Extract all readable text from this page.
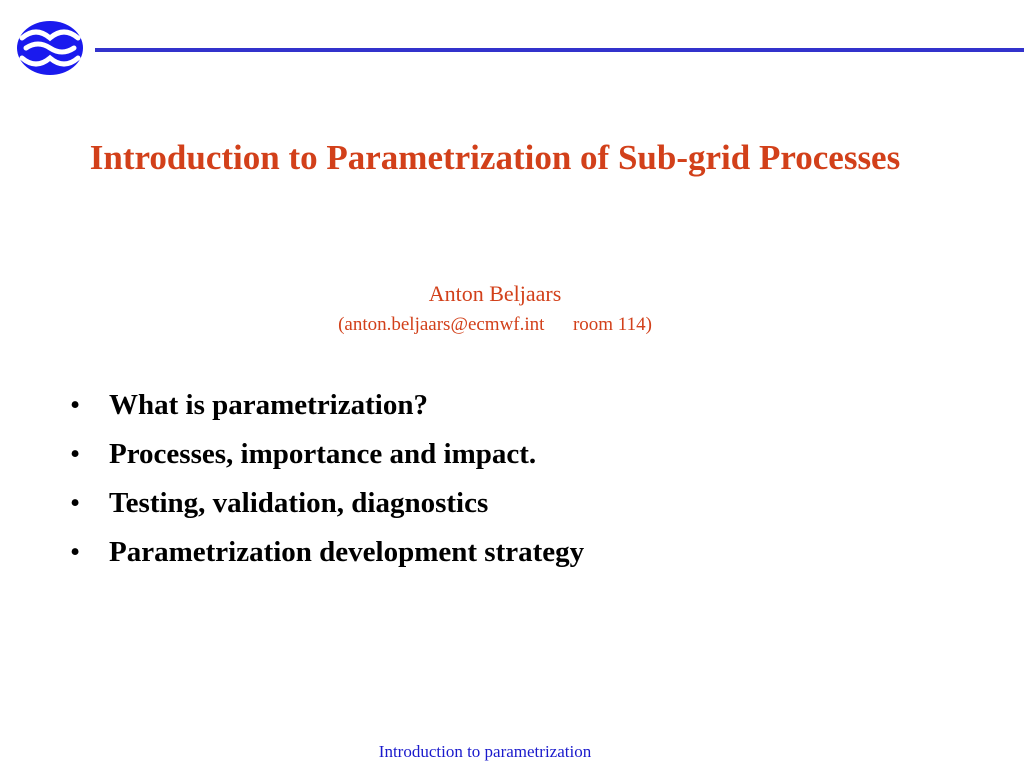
Introduction to Parametrization of Sub-grid Processes
Anton Beljaars
(anton.beljaars@ecmwf.int      room 114)
• What is parametrization?
• Processes, importance and impact.
• Testing, validation, diagnostics
• Parametrization development strategy
Introduction to parametrization
